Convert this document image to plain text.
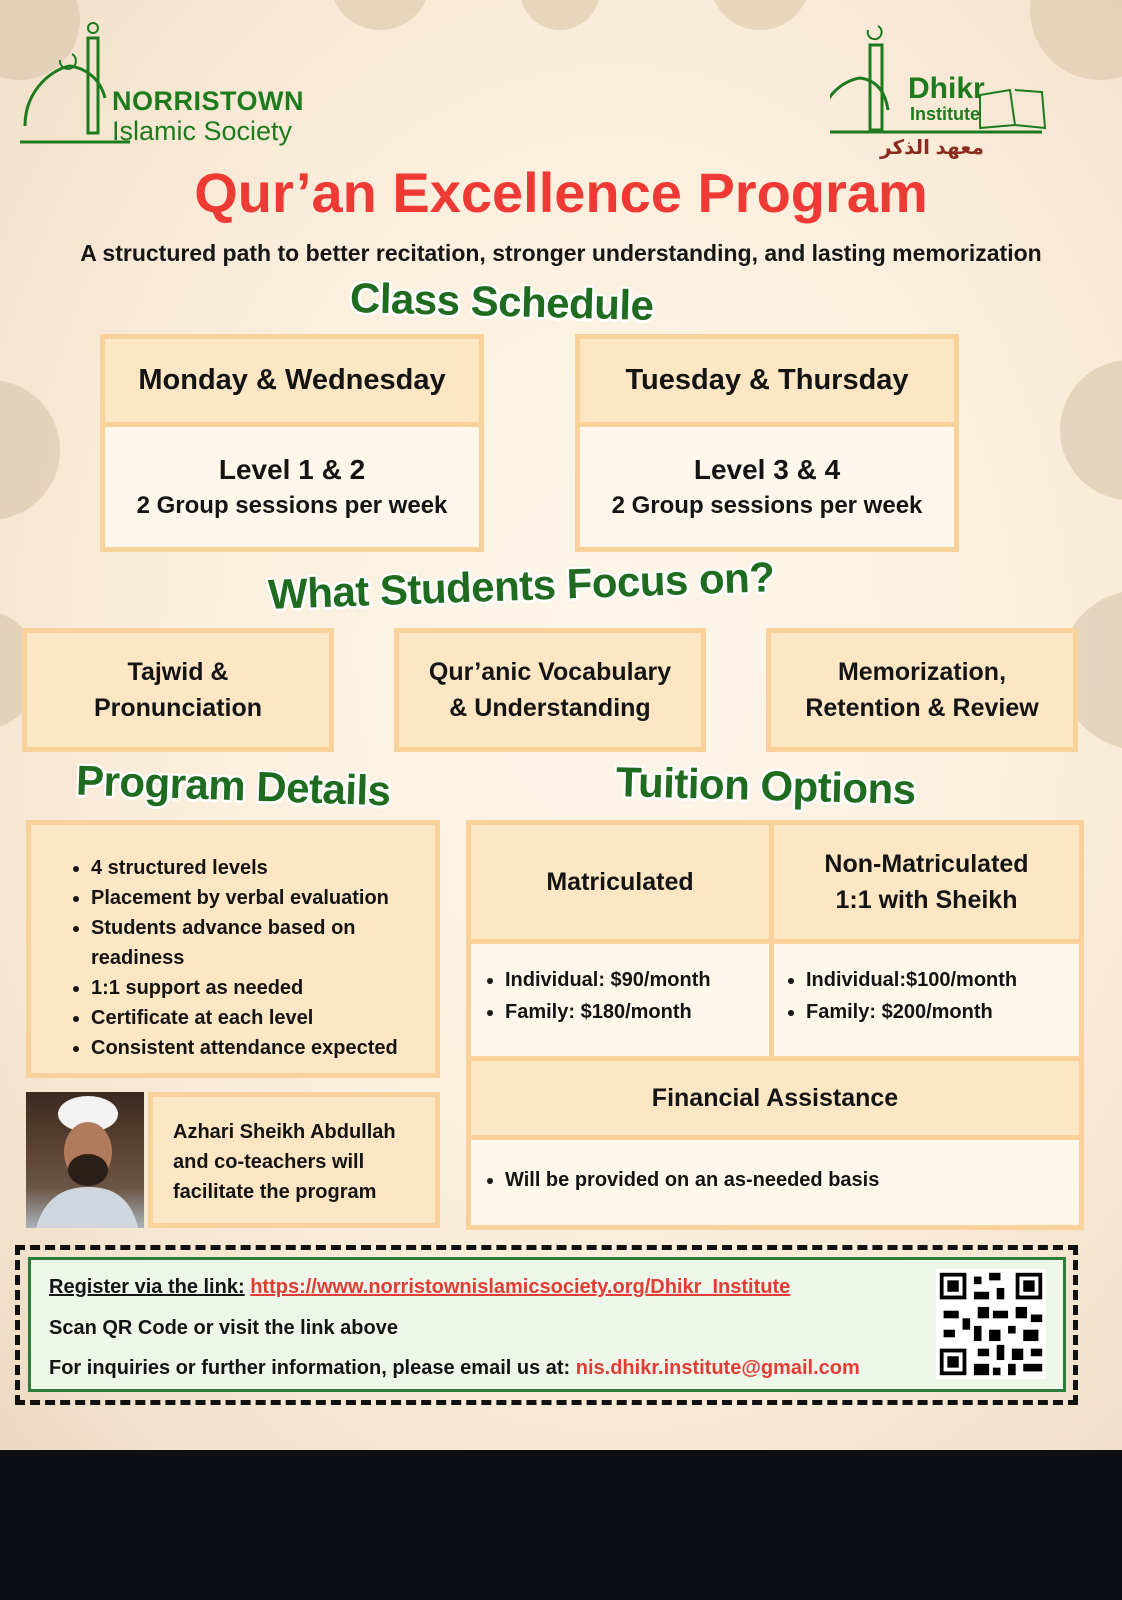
NORRISTOWN
Islamic Society
Dhikr
Institute
معهد الذكر
Qur’an Excellence Program
A structured path to better recitation, stronger understanding, and lasting memorization
Class Schedule
Monday & Wednesday
Level 1 & 2
2 Group sessions per week
Tuesday & Thursday
Level 3 & 4
2 Group sessions per week
What Students Focus on?
Tajwid &
Pronunciation
Qur’anic Vocabulary
& Understanding
Memorization,
Retention & Review
Program Details
• 4 structured levels
• Placement by verbal evaluation
• Students advance based on readiness
• 1:1 support as needed
• Certificate at each level
• Consistent attendance expected
Azhari Sheikh Abdullah and co-teachers will facilitate the program
Tuition Options
Matriculated
Non-Matriculated
1:1 with Sheikh
• Individual: $90/month
• Family: $180/month
• Individual:$100/month
• Family: $200/month
Financial Assistance
• Will be provided on an as-needed basis
Register via the link: https://www.norristownislamicsociety.org/Dhikr_Institute
Scan QR Code or visit the link above
For inquiries or further information, please email us at: nis.dhikr.institute@gmail.com
